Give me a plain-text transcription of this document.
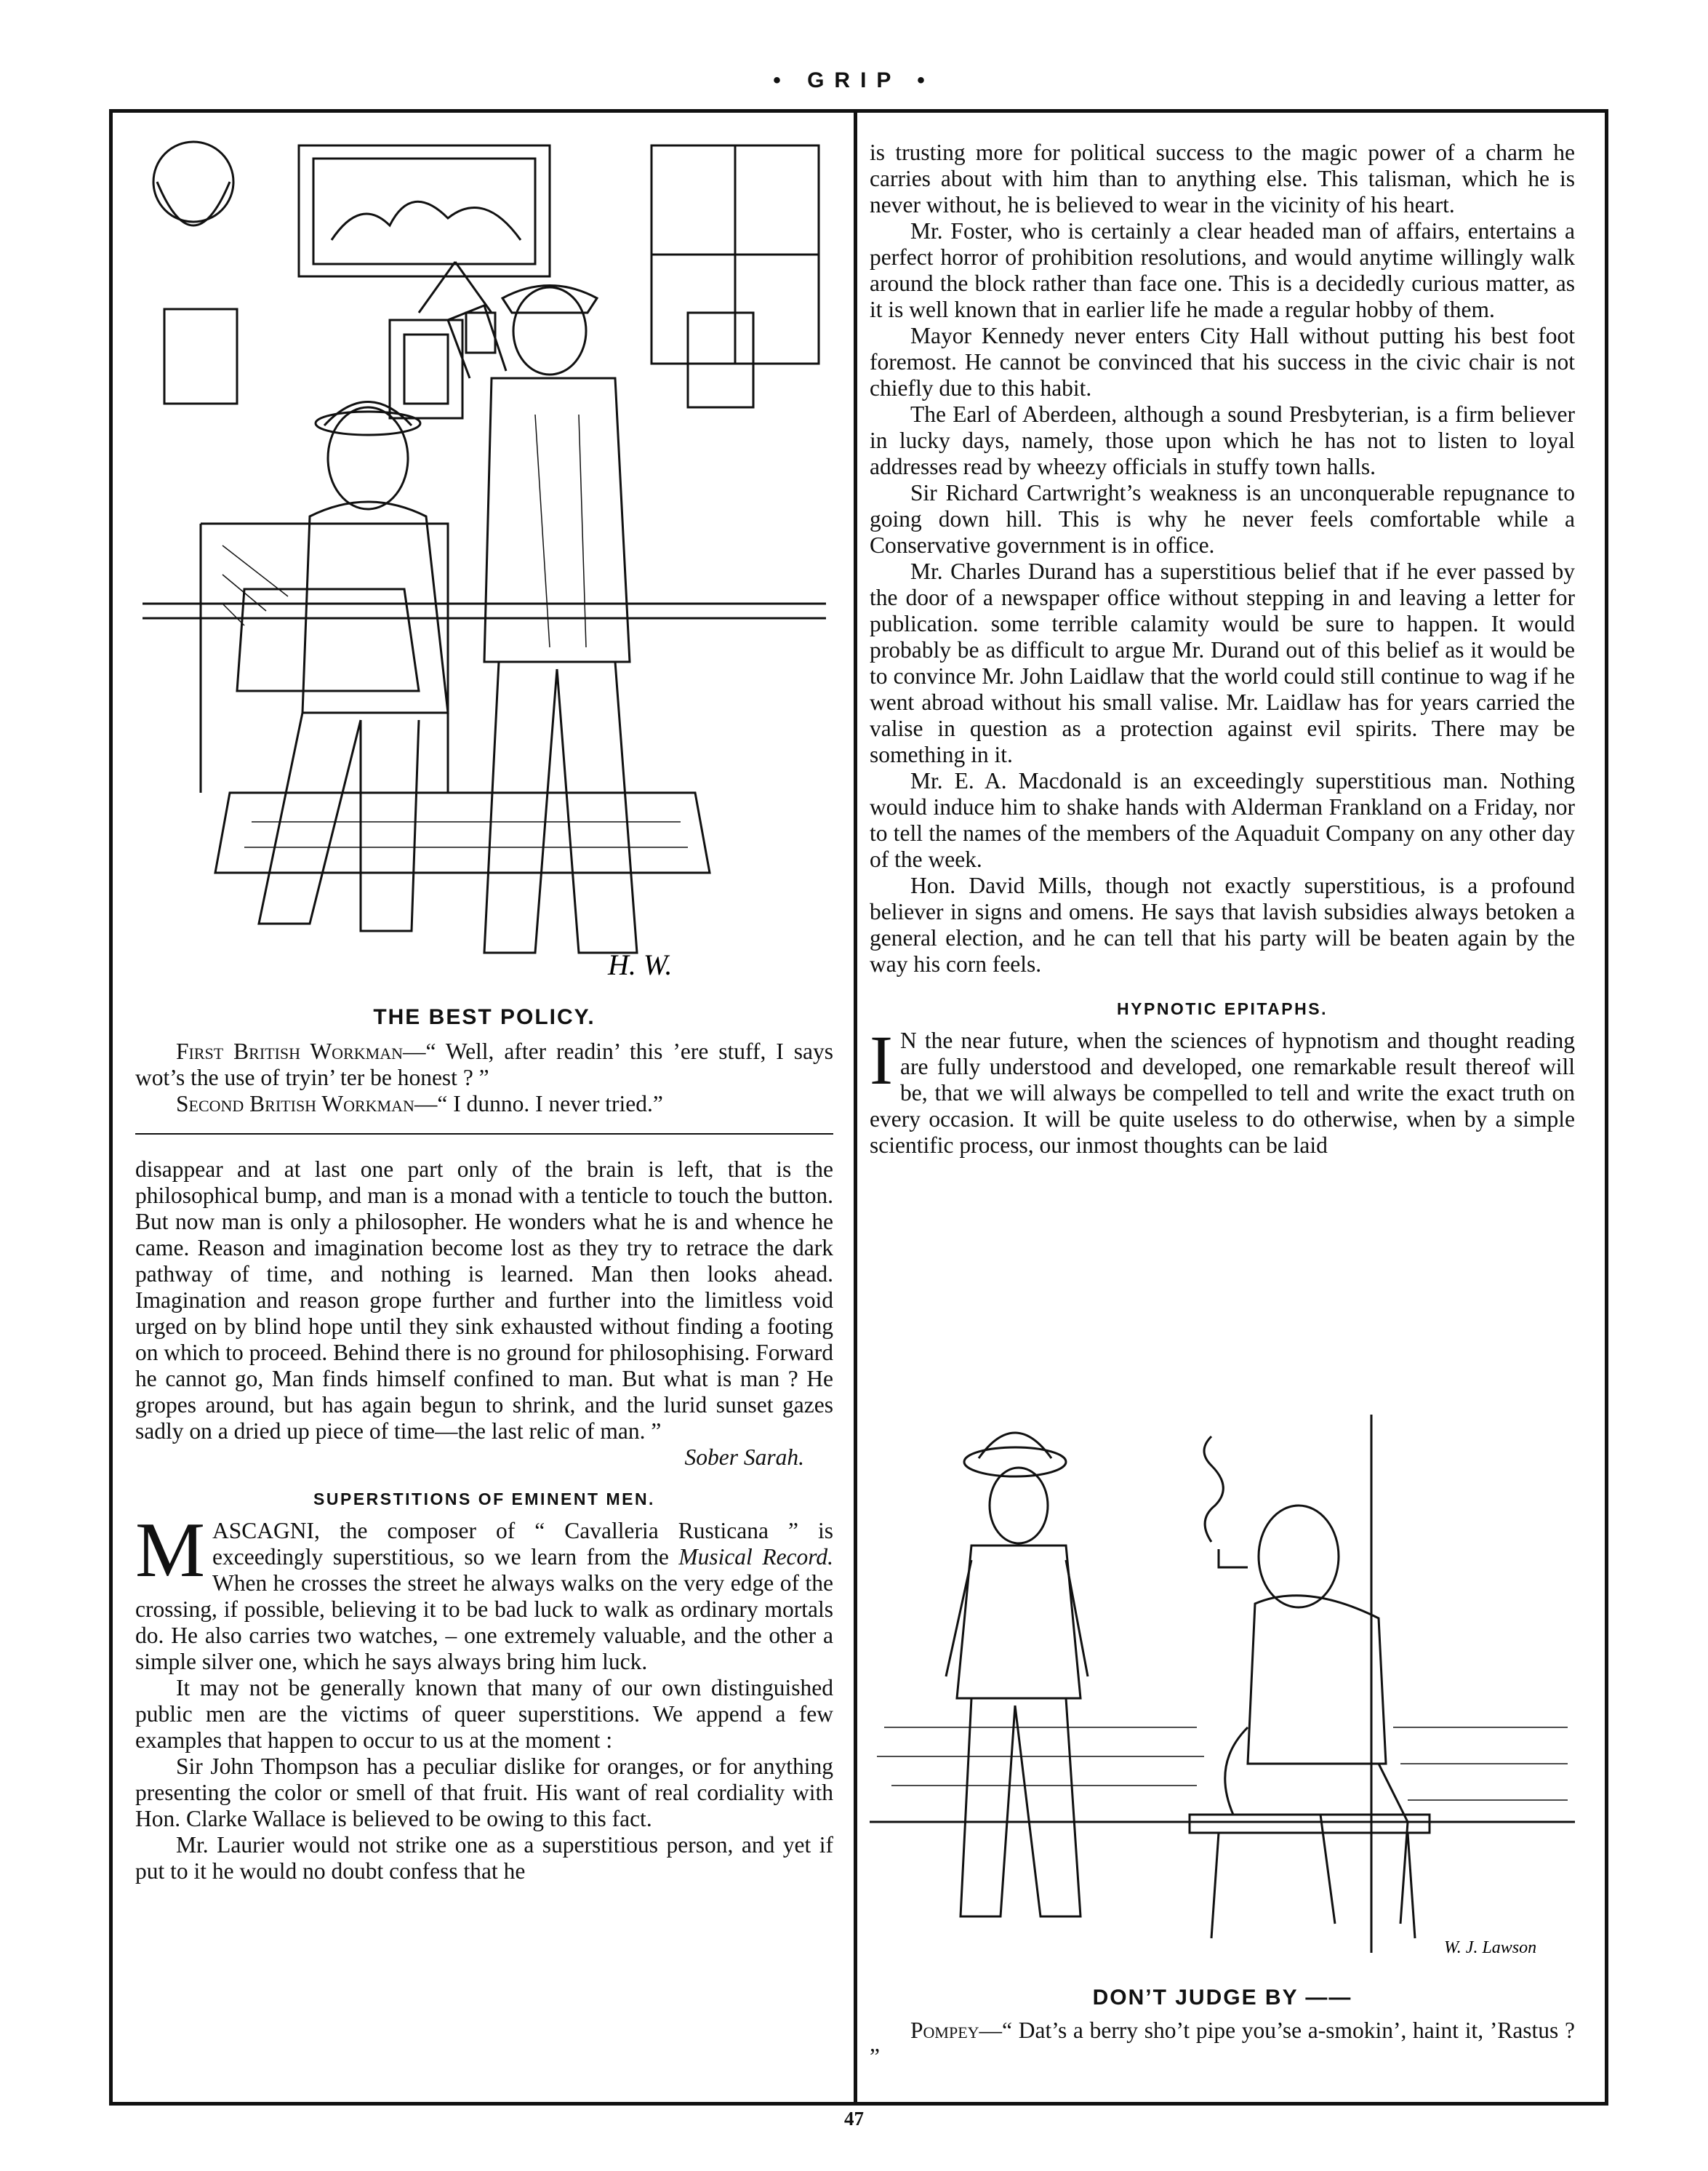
• GRIP •
H. W.
THE BEST POLICY.

First British Workman—“ Well, after readin’ this ’ere stuff, I says wot’s the use of tryin’ ter be honest ? ”

Second British Workman—“ I dunno. I never tried.”

disappear and at last one part only of the brain is left, that is the philosophical bump, and man is a monad with a tenticle to touch the button. But now man is only a philosopher. He wonders what he is and whence he came. Reason and imagination become lost as they try to retrace the dark pathway of time, and nothing is learned. Man then looks ahead. Imagination and reason grope further and further into the limitless void urged on by blind hope until they sink exhausted without finding a footing on which to proceed. Behind there is no ground for philosophising. Forward he cannot go, Man finds himself confined to man. But what is man ? He gropes around, but has again begun to shrink, and the lurid sunset gazes sadly on a dried up piece of time—the last relic of man. ”

Sober Sarah.
SUPERSTITIONS OF EMINENT MEN.

MASCAGNI, the composer of “ Cavalleria Rusticana ” is exceedingly superstitious, so we learn from the Musical Record. When he crosses the street he always walks on the very edge of the crossing, if possible, believing it to be bad luck to walk as ordinary mortals do. He also carries two watches, – one extremely valuable, and the other a simple silver one, which he says always bring him luck.

It may not be generally known that many of our own distinguished public men are the victims of queer superstitions. We append a few examples that happen to occur to us at the moment :

Sir John Thompson has a peculiar dislike for oranges, or for anything presenting the color or smell of that fruit. His want of real cordiality with Hon. Clarke Wallace is believed to be owing to this fact.

Mr. Laurier would not strike one as a superstitious person, and yet if put to it he would no doubt confess that he

is trusting more for political success to the magic power of a charm he carries about with him than to anything else. This talisman, which he is never without, he is believed to wear in the vicinity of his heart.

Mr. Foster, who is certainly a clear headed man of affairs, entertains a perfect horror of prohibition resolutions, and would anytime willingly walk around the block rather than face one. This is a decidedly curious matter, as it is well known that in earlier life he made a regular hobby of them.

Mayor Kennedy never enters City Hall without putting his best foot foremost. He cannot be convinced that his success in the civic chair is not chiefly due to this habit.

The Earl of Aberdeen, although a sound Presbyterian, is a firm believer in lucky days, namely, those upon which he has not to listen to loyal addresses read by wheezy officials in stuffy town halls.

Sir Richard Cartwright’s weakness is an unconquerable repugnance to going down hill. This is why he never feels comfortable while a Conservative government is in office.

Mr. Charles Durand has a superstitious belief that if he ever passed by the door of a newspaper office without stepping in and leaving a letter for publication. some terrible calamity would be sure to happen. It would probably be as difficult to argue Mr. Durand out of this belief as it would be to convince Mr. John Laidlaw that the world could still continue to wag if he went abroad without his small valise. Mr. Laidlaw has for years carried the valise in question as a protection against evil spirits. There may be something in it.

Mr. E. A. Macdonald is an exceedingly superstitious man. Nothing would induce him to shake hands with Alderman Frankland on a Friday, nor to tell the names of the members of the Aquaduit Company on any other day of the week.

Hon. David Mills, though not exactly superstitious, is a profound believer in signs and omens. He says that lavish subsidies always betoken a general election, and he can tell that his party will be beaten again by the way his corn feels.

HYPNOTIC EPITAPHS.

I N the near future, when the sciences of hypnotism and thought reading are fully understood and developed, one remarkable result thereof will be, that we will always be compelled to tell and write the exact truth on every occasion. It will be quite useless to do otherwise, when by a simple scientific process, our inmost thoughts can be laid

W. J. Lawson
DON’T JUDGE BY ——

Pompey—“ Dat’s a berry sho’t pipe you’se a-smokin’, haint it, ’Rastus ? ”

47
